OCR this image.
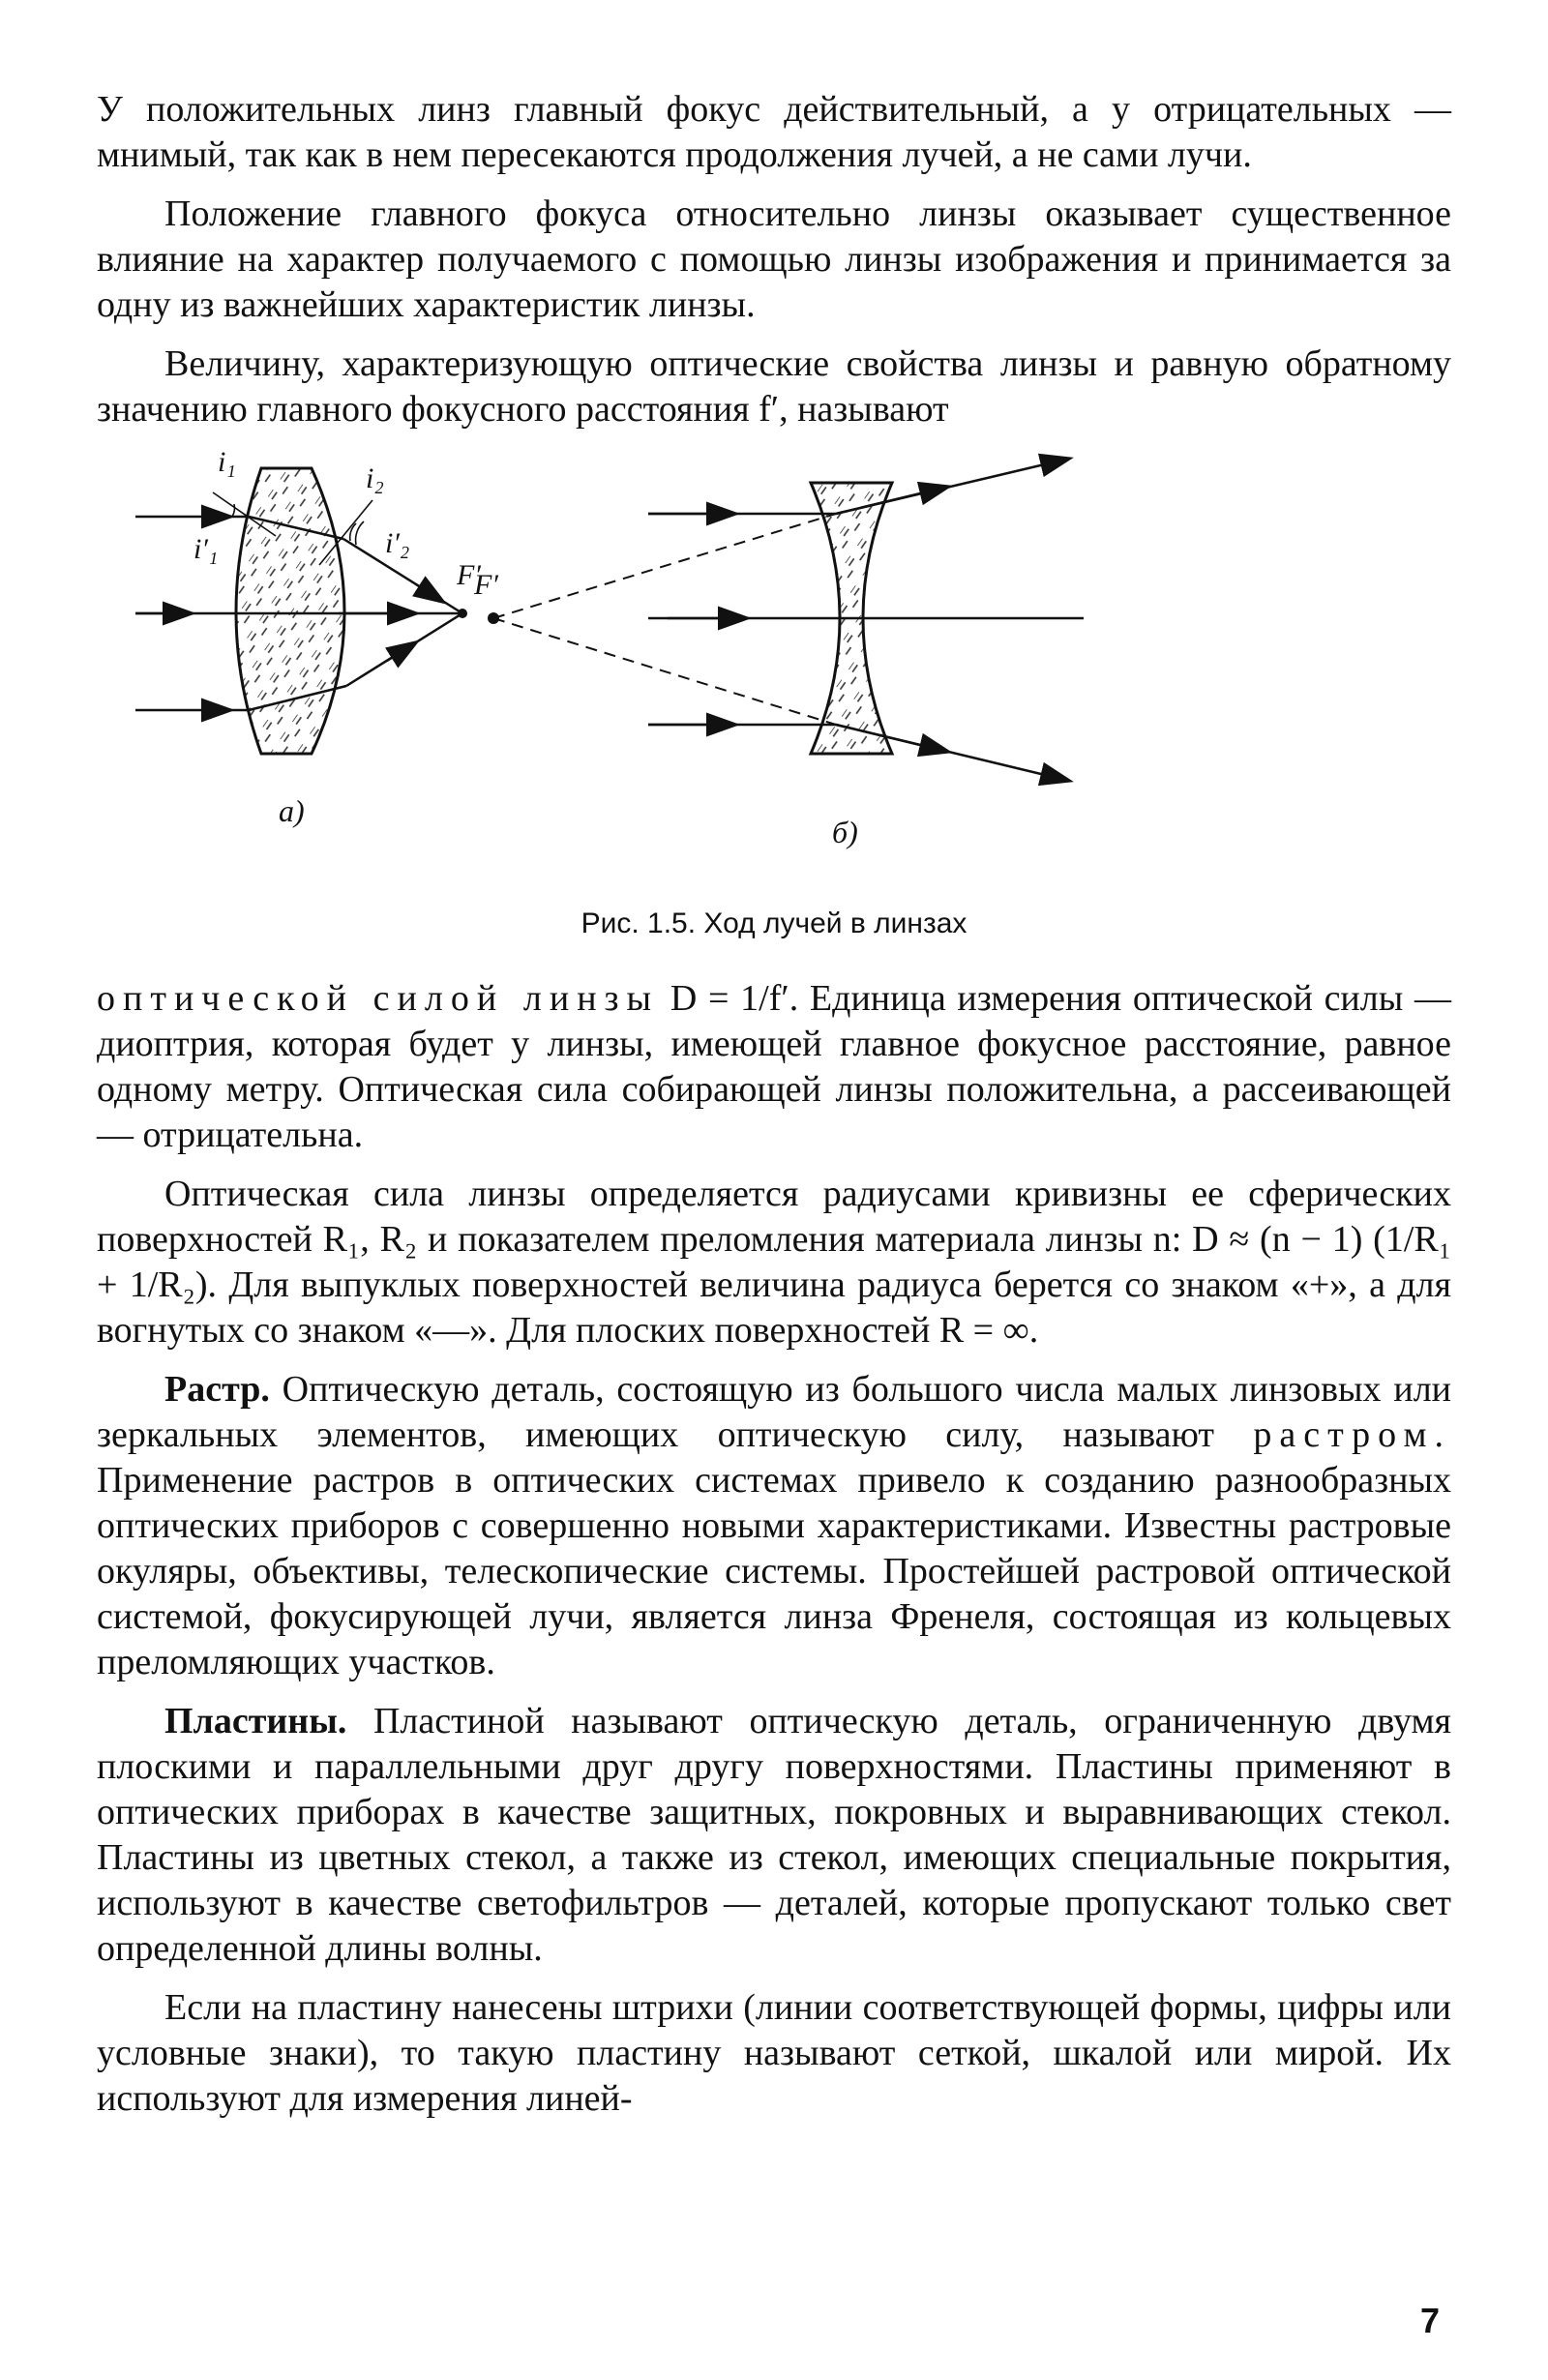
У положительных линз главный фокус действительный, а у отрицательных — мнимый, так как в нем пересекаются продолжения лучей, а не сами лучи.

Положение главного фокуса относительно линзы оказывает существенное влияние на характер получаемого с помощью линзы изображения и принимается за одну из важнейших характеристик линзы.

Величину, характеризующую оптические свойства линзы и равную обратному значению главного фокусного расстояния f′, называют

i₁
i′₁
i₂
i′₂
F′
а)
F′
б)
Рис. 1.5. Ход лучей в линзах

оптической силой линзы D = 1/f′. Единица измерения оптической силы — диоптрия, которая будет у линзы, имеющей главное фокусное расстояние, равное одному метру. Оптическая сила собирающей линзы положительна, а рассеивающей — отрицательна.

Оптическая сила линзы определяется радиусами кривизны ее сферических поверхностей R₁, R₂ и показателем преломления материала линзы n: D ≈ (n − 1) (1/R₁ + 1/R₂). Для выпуклых поверхностей величина радиуса берется со знаком «+», а для вогнутых со знаком «—». Для плоских поверхностей R = ∞.

Растр. Оптическую деталь, состоящую из большого числа малых линзовых или зеркальных элементов, имеющих оптическую силу, называют растром. Применение растров в оптических системах привело к созданию разнообразных оптических приборов с совершенно новыми характеристиками. Известны растровые окуляры, объективы, телескопические системы. Простейшей растровой оптической системой, фокусирующей лучи, является линза Френеля, состоящая из кольцевых преломляющих участков.

Пластины. Пластиной называют оптическую деталь, ограниченную двумя плоскими и параллельными друг другу поверхностями. Пластины применяют в оптических приборах в качестве защитных, покровных и выравнивающих стекол. Пластины из цветных стекол, а также из стекол, имеющих специальные покрытия, используют в качестве светофильтров — деталей, которые пропускают только свет определенной длины волны.

Если на пластину нанесены штрихи (линии соответствующей формы, цифры или условные знаки), то такую пластину называют сеткой, шкалой или мирой. Их используют для измерения линей-

7
